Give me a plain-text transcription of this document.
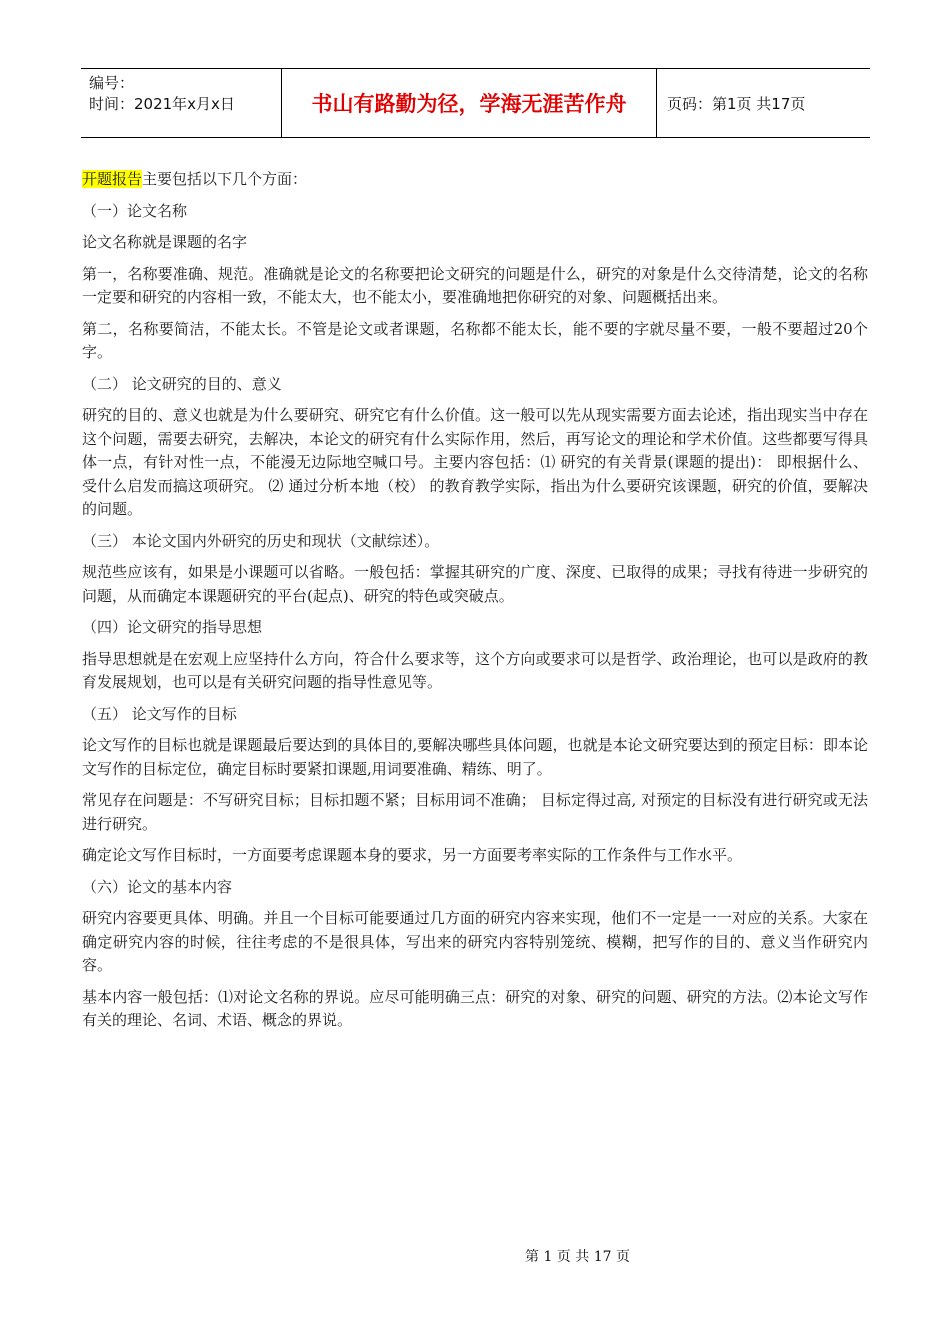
编号：
时间：2021年x月x日	书山有路勤为径，学海无涯苦作舟	页码：第1页 共17页

开题报告主要包括以下几个方面：

（一）论文名称

论文名称就是课题的名字

第一，名称要准确、规范。准确就是论文的名称要把论文研究的问题是什么，研究的对象是什么交待清楚，论文的名称一定要和研究的内容相一致，不能太大，也不能太小，要准确地把你研究的对象、问题概括出来。

第二，名称要简洁，不能太长。不管是论文或者课题，名称都不能太长，能不要的字就尽量不要，一般不要超过20个字。

（二） 论文研究的目的、意义

研究的目的、意义也就是为什么要研究、研究它有什么价值。这一般可以先从现实需要方面去论述，指出现实当中存在这个问题，需要去研究，去解决，本论文的研究有什么实际作用，然后，再写论文的理论和学术价值。这些都要写得具体一点，有针对性一点，不能漫无边际地空喊口号。主要内容包括：⑴ 研究的有关背景(课题的提出)： 即根据什么、受什么启发而搞这项研究。 ⑵ 通过分析本地（校） 的教育教学实际，指出为什么要研究该课题，研究的价值，要解决的问题。

（三） 本论文国内外研究的历史和现状（文献综述）。

规范些应该有，如果是小课题可以省略。一般包括：掌握其研究的广度、深度、已取得的成果；寻找有待进一步研究的问题，从而确定本课题研究的平台(起点)、研究的特色或突破点。

（四）论文研究的指导思想

指导思想就是在宏观上应坚持什么方向，符合什么要求等，这个方向或要求可以是哲学、政治理论，也可以是政府的教育发展规划，也可以是有关研究问题的指导性意见等。

（五） 论文写作的目标

论文写作的目标也就是课题最后要达到的具体目的,要解决哪些具体问题，也就是本论文研究要达到的预定目标：即本论文写作的目标定位，确定目标时要紧扣课题,用词要准确、精练、明了。

常见存在问题是：不写研究目标；目标扣题不紧；目标用词不准确； 目标定得过高, 对预定的目标没有进行研究或无法进行研究。

确定论文写作目标时，一方面要考虑课题本身的要求，另一方面要考率实际的工作条件与工作水平。

（六）论文的基本内容

研究内容要更具体、明确。并且一个目标可能要通过几方面的研究内容来实现，他们不一定是一一对应的关系。大家在确定研究内容的时候，往往考虑的不是很具体，写出来的研究内容特别笼统、模糊，把写作的目的、意义当作研究内容。

基本内容一般包括：⑴对论文名称的界说。应尽可能明确三点：研究的对象、研究的问题、研究的方法。⑵本论文写作有关的理论、名词、术语、概念的界说。

第 1 页 共 17 页
